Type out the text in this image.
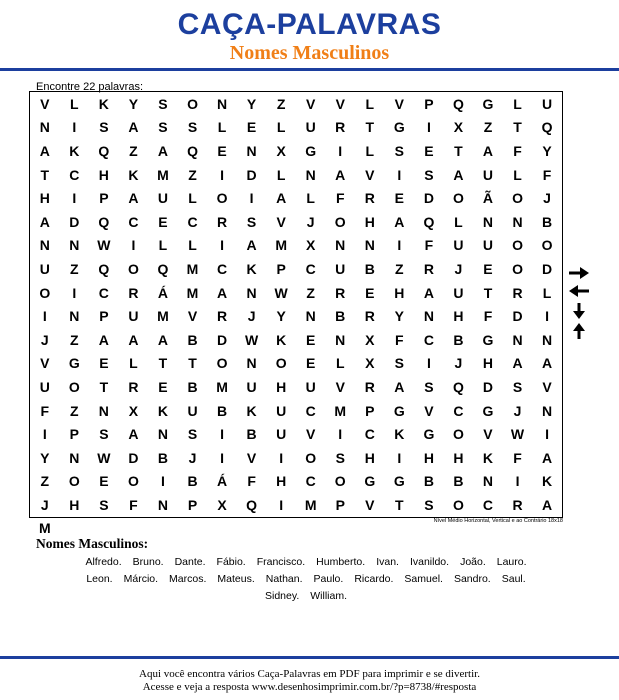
CAÇA-PALAVRAS
Nomes Masculinos
Encontre 22 palavras:
V	L	K	Y	S	O	N	Y	Z	V	V	L	V	P	Q	G	L	U
N	I	S	A	S	S	L	E	L	U	R	T	G	I	X	Z	T	Q
A	K	Q	Z	A	Q	E	N	X	G	I	L	S	E	T	A	F	Y
T	C	H	K	M	Z	I	D	L	N	A	V	I	S	A	U	L	F
H	I	P	A	U	L	O	I	A	L	F	R	E	D	O	Ã	O	J
A	D	Q	C	E	C	R	S	V	J	O	H	A	Q	L	N	N	B
N	N	W	I	L	L	I	A	M	X	N	N	I	F	U	U	O	O
U	Z	Q	O	Q	M	C	K	P	C	U	B	Z	R	J	E	O	D
O	I	C	R	Á	M	A	N	W	Z	R	E	H	A	U	T	R	L
I	N	P	U	M	V	R	J	Y	N	B	R	Y	N	H	F	D	I
J	Z	A	A	A	B	D	W	K	E	N	X	F	C	B	G	N	N
V	G	E	L	T	T	O	N	O	E	L	X	S	I	J	H	A	A
U	O	T	R	E	B	M	U	H	U	V	R	A	S	Q	D	S	V
F	Z	N	X	K	U	B	K	U	C	M	P	G	V	C	G	J	N
I	P	S	A	N	S	I	B	U	V	I	C	K	G	O	V	W	I
Y	N	W	D	B	J	I	V	I	O	S	H	I	H	H	K	F	A
Z	O	E	O	I	B	Á	F	H	C	O	G	G	B	B	N	I	K
J	H	S	F	N	P	X	Q	I	M	P	V	T	S	O	C	R	A
M	Nível Médio Horizontal, Vertical e ao Contrário 18x18
Nomes Masculinos:
Alfredo. Bruno. Dante. Fábio. Francisco. Humberto. Ivan. Ivanildo. João. Lauro.
Leon. Márcio. Marcos. Mateus. Nathan. Paulo. Ricardo. Samuel. Sandro. Saul.
Sidney. William.
Aqui você encontra vários Caça-Palavras em PDF para imprimir e se divertir.
Acesse e veja a resposta www.desenhosimprimir.com.br/?p=8738/#resposta
